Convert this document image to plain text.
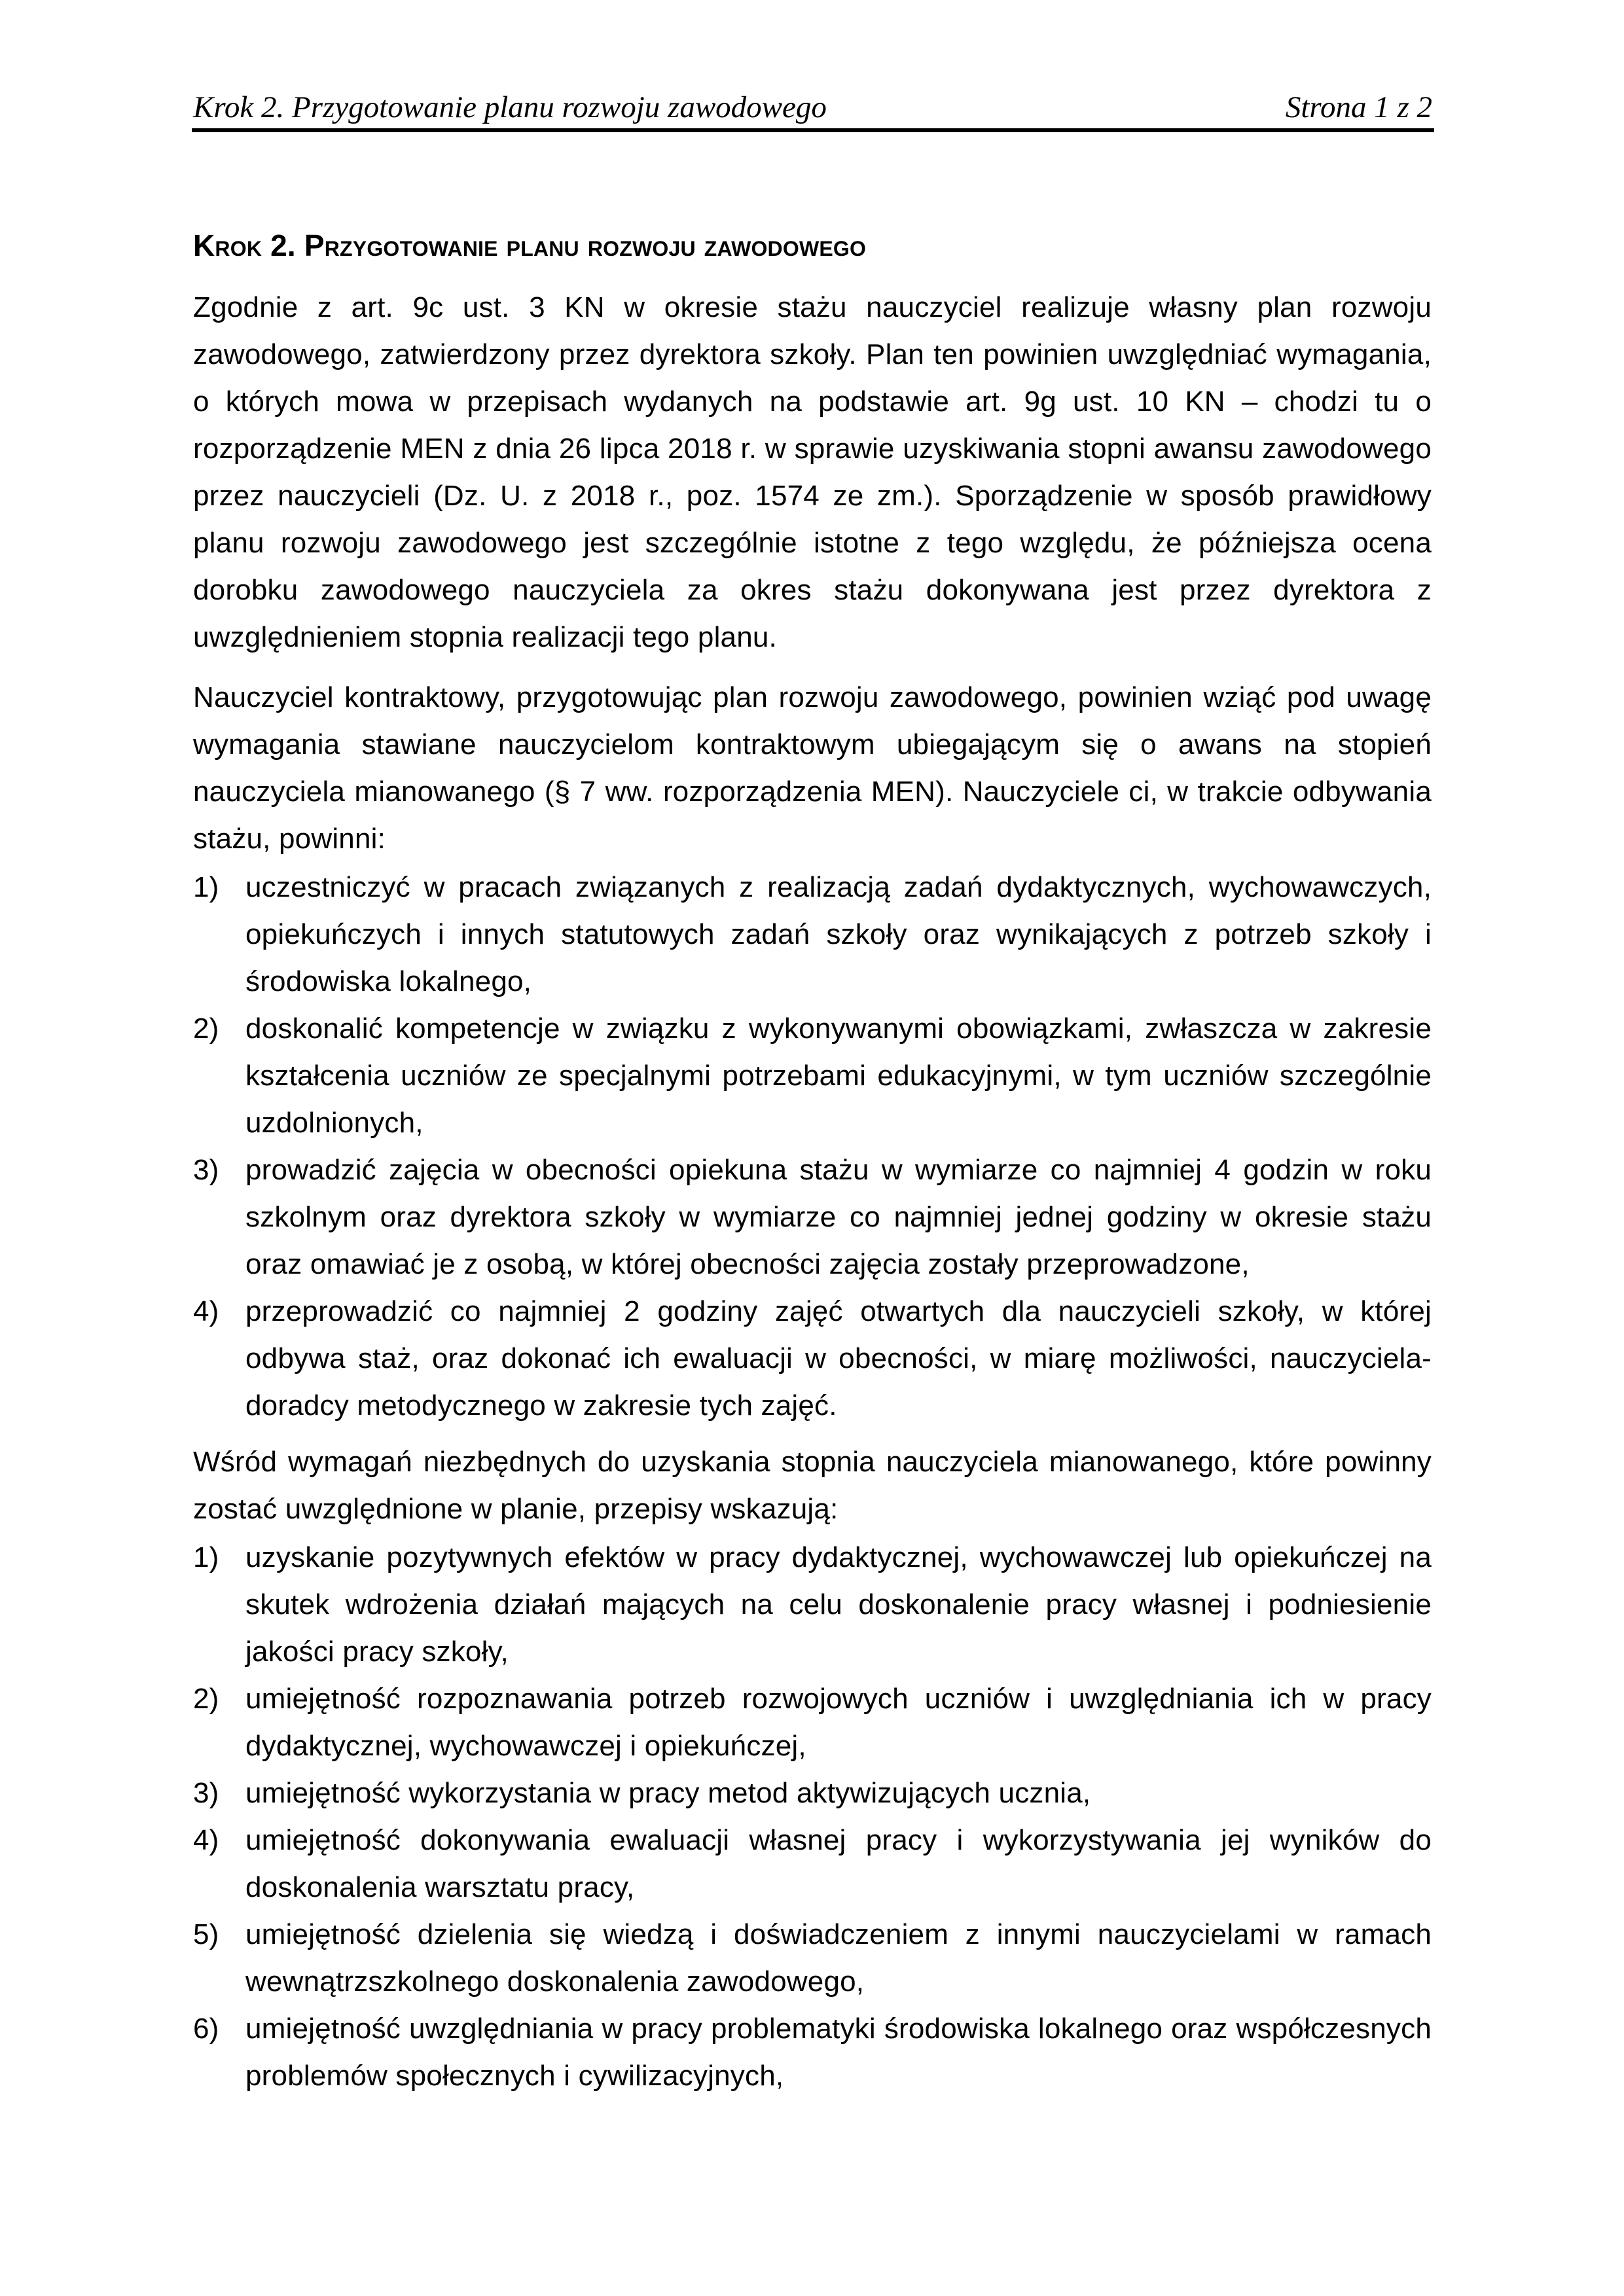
Krok 2. Przygotowanie planu rozwoju zawodowego	Strona 1 z 2
Krok 2. Przygotowanie planu rozwoju zawodowego

Zgodnie z art. 9c ust. 3 KN w okresie stażu nauczyciel realizuje własny plan rozwoju zawodowego, zatwierdzony przez dyrektora szkoły. Plan ten powinien uwzględniać wymagania, o których mowa w przepisach wydanych na podstawie art. 9g ust. 10 KN – chodzi tu o rozporządzenie MEN z dnia 26 lipca 2018 r. w sprawie uzyskiwania stopni awansu zawodowego przez nauczycieli (Dz. U. z 2018 r., poz. 1574 ze zm.). Sporządzenie w sposób prawidłowy planu rozwoju zawodowego jest szczególnie istotne z tego względu, że późniejsza ocena dorobku zawodowego nauczyciela za okres stażu dokonywana jest przez dyrektora z uwzględnieniem stopnia realizacji tego planu.

Nauczyciel kontraktowy, przygotowując plan rozwoju zawodowego, powinien wziąć pod uwagę wymagania stawiane nauczycielom kontraktowym ubiegającym się o awans na stopień nauczyciela mianowanego (§ 7 ww. rozporządzenia MEN). Nauczyciele ci, w trakcie odbywania stażu, powinni:

1) uczestniczyć w pracach związanych z realizacją zadań dydaktycznych, wychowawczych, opiekuńczych i innych statutowych zadań szkoły oraz wynikających z potrzeb szkoły i środowiska lokalnego,
2) doskonalić kompetencje w związku z wykonywanymi obowiązkami, zwłaszcza w zakresie kształcenia uczniów ze specjalnymi potrzebami edukacyjnymi, w tym uczniów szczególnie uzdolnionych,
3) prowadzić zajęcia w obecności opiekuna stażu w wymiarze co najmniej 4 godzin w roku szkolnym oraz dyrektora szkoły w wymiarze co najmniej jednej godziny w okresie stażu oraz omawiać je z osobą, w której obecności zajęcia zostały przeprowadzone,
4) przeprowadzić co najmniej 2 godziny zajęć otwartych dla nauczycieli szkoły, w której odbywa staż, oraz dokonać ich ewaluacji w obecności, w miarę możliwości, nauczyciela-doradcy metodycznego w zakresie tych zajęć.

Wśród wymagań niezbędnych do uzyskania stopnia nauczyciela mianowanego, które powinny zostać uwzględnione w planie, przepisy wskazują:

1) uzyskanie pozytywnych efektów w pracy dydaktycznej, wychowawczej lub opiekuńczej na skutek wdrożenia działań mających na celu doskonalenie pracy własnej i podniesienie jakości pracy szkoły,
2) umiejętność rozpoznawania potrzeb rozwojowych uczniów i uwzględniania ich w pracy dydaktycznej, wychowawczej i opiekuńczej,
3) umiejętność wykorzystania w pracy metod aktywizujących ucznia,
4) umiejętność dokonywania ewaluacji własnej pracy i wykorzystywania jej wyników do doskonalenia warsztatu pracy,
5) umiejętność dzielenia się wiedzą i doświadczeniem z innymi nauczycielami w ramach wewnątrzszkolnego doskonalenia zawodowego,
6) umiejętność uwzględniania w pracy problematyki środowiska lokalnego oraz współczesnych problemów społecznych i cywilizacyjnych,
